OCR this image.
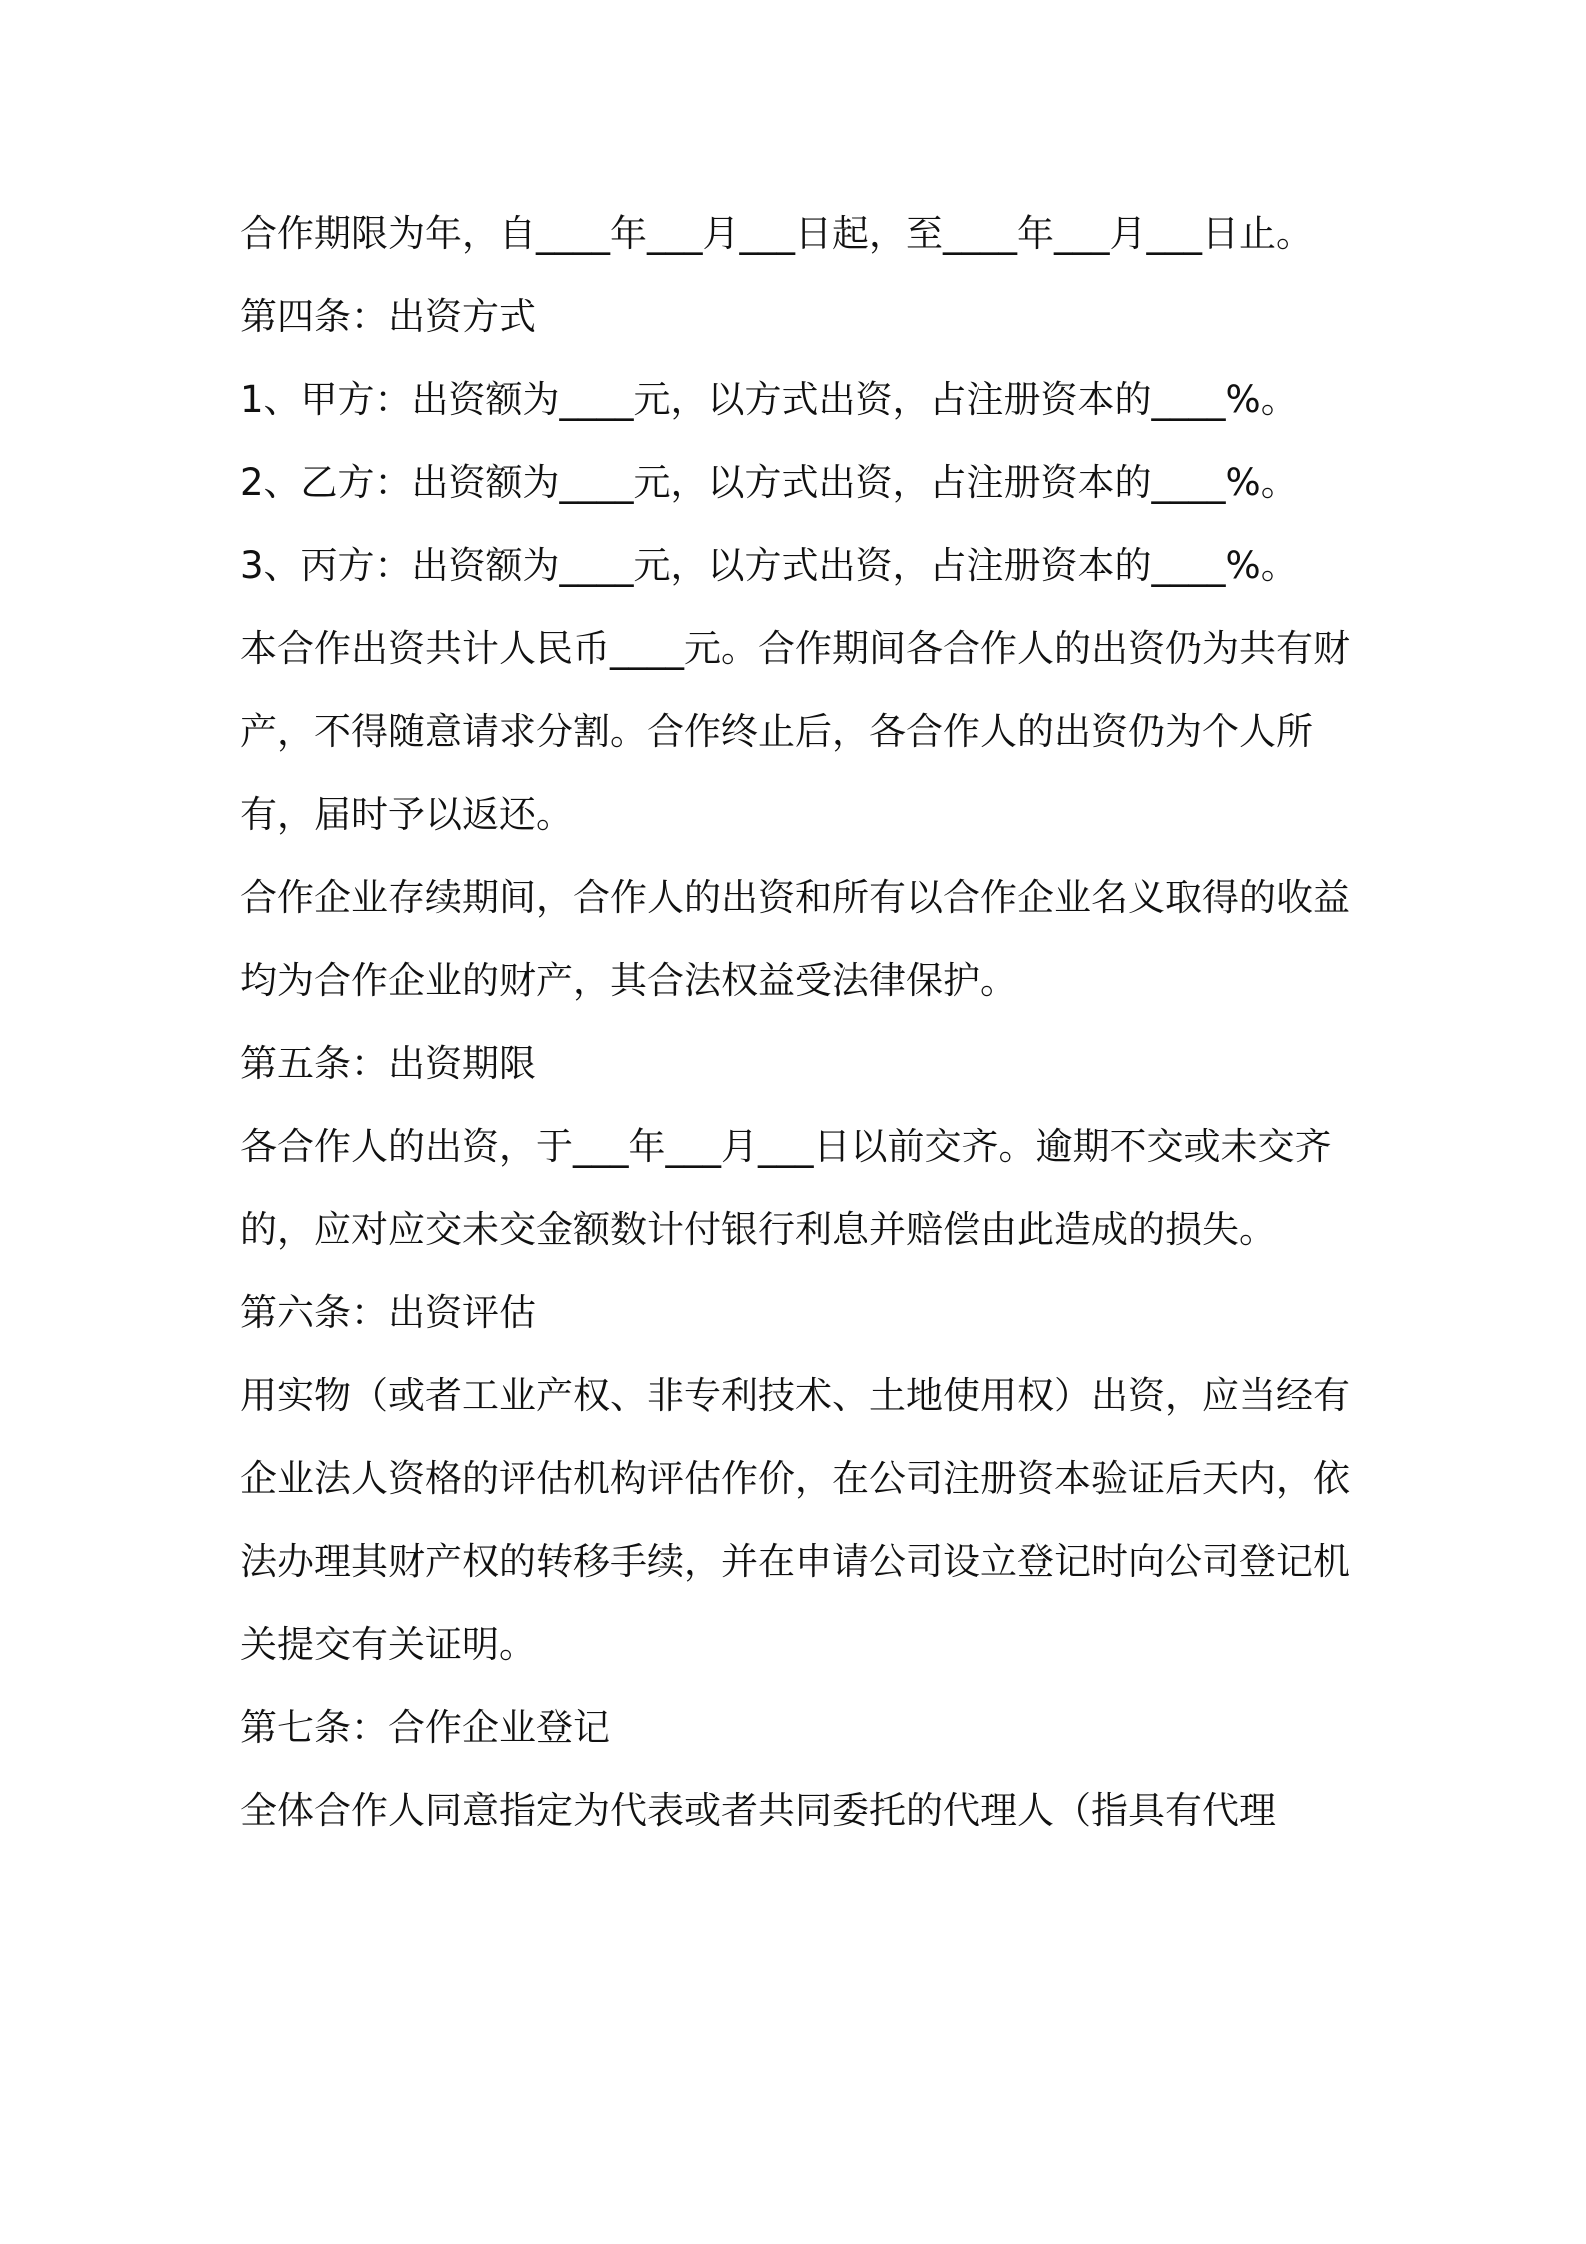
合作期限为年，自____年___月___日起，至____年___月___日止。

第四条：出资方式

1、甲方：出资额为____元，以方式出资，占注册资本的____%。

2、乙方：出资额为____元，以方式出资，占注册资本的____%。

3、丙方：出资额为____元，以方式出资，占注册资本的____%。

本合作出资共计人民币____元。合作期间各合作人的出资仍为共有财产，不得随意请求分割。合作终止后，各合作人的出资仍为个人所有，届时予以返还。

合作企业存续期间，合作人的出资和所有以合作企业名义取得的收益均为合作企业的财产，其合法权益受法律保护。

第五条：出资期限

各合作人的出资，于___年___月___日以前交齐。逾期不交或未交齐的，应对应交未交金额数计付银行利息并赔偿由此造成的损失。

第六条：出资评估

用实物（或者工业产权、非专利技术、土地使用权）出资，应当经有企业法人资格的评估机构评估作价，在公司注册资本验证后天内，依法办理其财产权的转移手续，并在申请公司设立登记时向公司登记机关提交有关证明。

第七条：合作企业登记

全体合作人同意指定为代表或者共同委托的代理人（指具有代理
